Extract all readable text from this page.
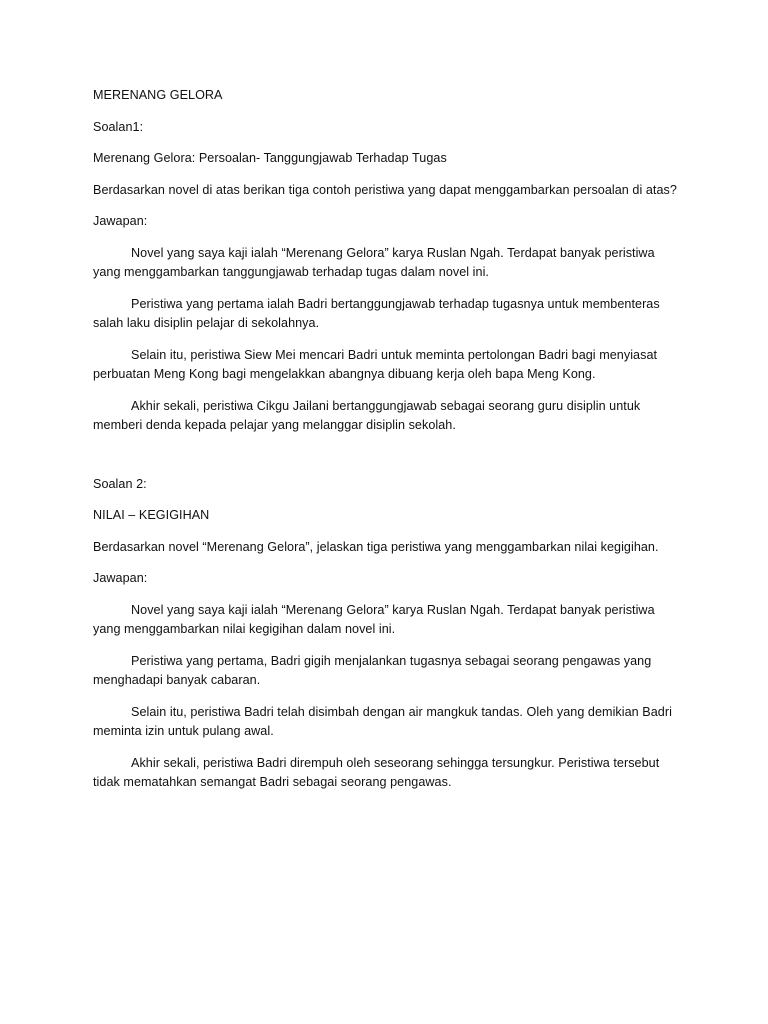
MERENANG GELORA

Soalan1:

Merenang Gelora: Persoalan- Tanggungjawab Terhadap Tugas

Berdasarkan novel di atas berikan tiga contoh peristiwa yang dapat menggambarkan persoalan di atas?

Jawapan:

Novel yang saya kaji ialah “Merenang Gelora” karya Ruslan Ngah. Terdapat banyak peristiwa yang menggambarkan tanggungjawab terhadap tugas dalam novel ini.

Peristiwa yang pertama ialah Badri bertanggungjawab terhadap tugasnya untuk membenteras salah laku disiplin pelajar di sekolahnya.

Selain itu, peristiwa Siew Mei mencari Badri untuk meminta pertolongan Badri bagi menyiasat perbuatan Meng Kong bagi mengelakkan abangnya dibuang kerja oleh bapa Meng Kong.

Akhir sekali, peristiwa Cikgu Jailani bertanggungjawab sebagai seorang guru disiplin untuk memberi denda kepada pelajar yang melanggar disiplin sekolah.

Soalan 2:

NILAI – KEGIGIHAN

Berdasarkan novel “Merenang Gelora”, jelaskan tiga peristiwa yang menggambarkan nilai kegigihan.

Jawapan:

Novel yang saya kaji ialah “Merenang Gelora” karya Ruslan Ngah. Terdapat banyak peristiwa yang menggambarkan nilai kegigihan dalam novel ini.

Peristiwa yang pertama, Badri gigih menjalankan tugasnya sebagai seorang pengawas yang menghadapi banyak cabaran.

Selain itu, peristiwa Badri telah disimbah dengan air mangkuk tandas. Oleh yang demikian Badri meminta izin untuk pulang awal.

Akhir sekali, peristiwa Badri dirempuh oleh seseorang sehingga tersungkur. Peristiwa tersebut tidak mematahkan semangat Badri sebagai seorang pengawas.
